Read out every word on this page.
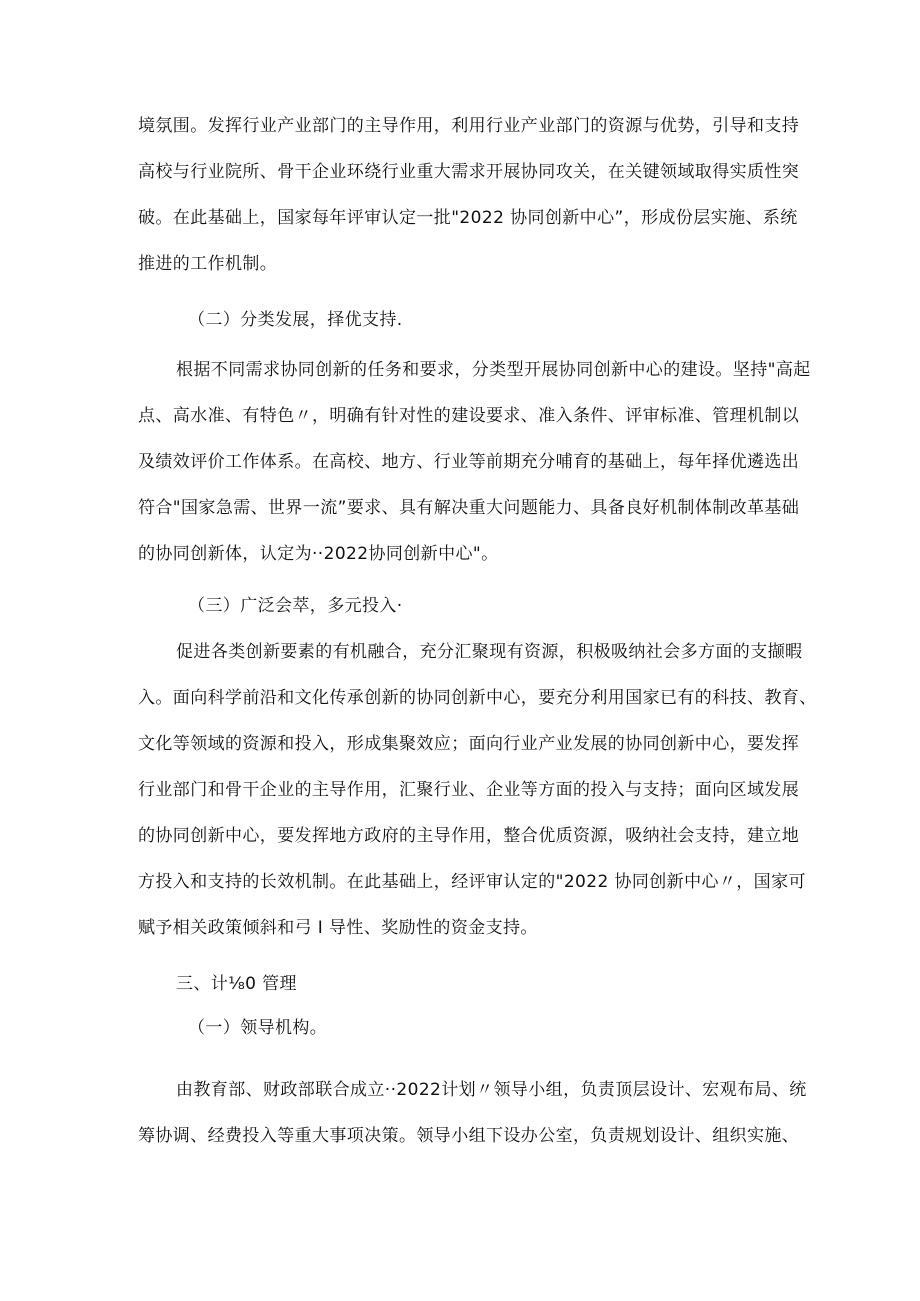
境氛围。发挥行业产业部门的主导作用，利用行业产业部门的资源与优势，引导和支持
高校与行业院所、骨干企业环绕行业重大需求开展协同攻关，在关键领域取得实质性突
破。在此基础上，国家每年评审认定一批"2022 协同创新中心”，形成份层实施、系统
推进的工作机制。
（二）分类发展，择优支持.
根据不同需求协同创新的任务和要求，分类型开展协同创新中心的建设。坚持"高起
点、高水准、有特色〃，明确有针对性的建设要求、准入条件、评审标准、管理机制以
及绩效评价工作体系。在高校、地方、行业等前期充分哺育的基础上，每年择优遴选出
符合"国家急需、世界一流”要求、具有解决重大问题能力、具备良好机制体制改革基础
的协同创新体，认定为··2022协同创新中心"。
（三）广泛会萃，多元投入·
促进各类创新要素的有机融合，充分汇聚现有资源，积极吸纳社会多方面的支撷暇
入。面向科学前沿和文化传承创新的协同创新中心，要充分利用国家已有的科技、教育、
文化等领域的资源和投入，形成集聚效应；面向行业产业发展的协同创新中心，要发挥
行业部门和骨干企业的主导作用，汇聚行业、企业等方面的投入与支持；面向区域发展
的协同创新中心，要发挥地方政府的主导作用，整合优质资源，吸纳社会支持，建立地
方投入和支持的长效机制。在此基础上，经评审认定的"2022 协同创新中心〃，国家可
赋予相关政策倾斜和弓 I 导性、奖励性的资金支持。
三、计⅛0 管理
（一）领导机构。
由教育部、财政部联合成立··2022计划〃领导小组，负责顶层设计、宏观布局、统
筹协调、经费投入等重大事项决策。领导小组下设办公室，负责规划设计、组织实施、
